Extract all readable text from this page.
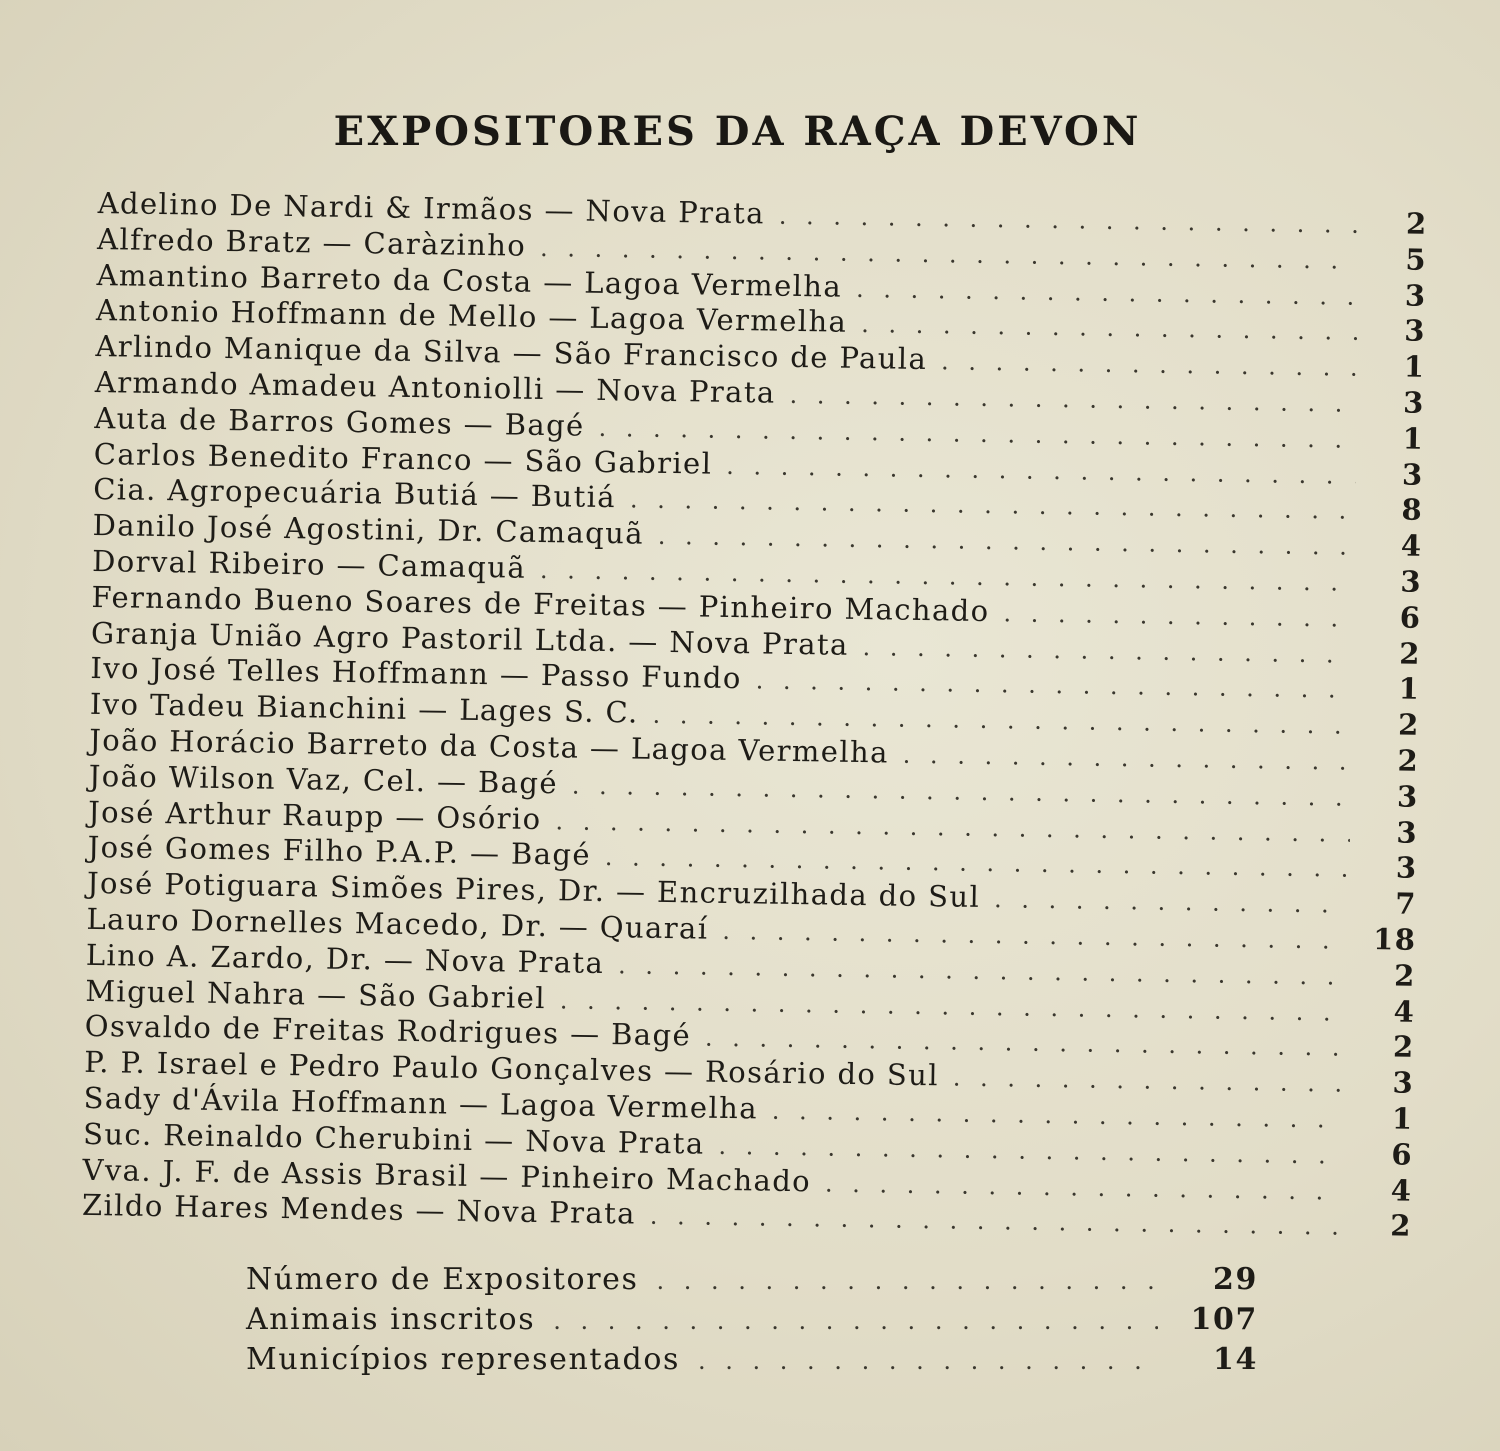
EXPOSITORES DA RAÇA DEVON
Adelino De Nardi & Irmãos — Nova Prata . . .	2
Alfredo Bratz — Caràzinho . . .	5
Amantino Barreto da Costa — Lagoa Vermelha . . .	3
Antonio Hoffmann de Mello — Lagoa Vermelha . . .	3
Arlindo Manique da Silva — São Francisco de Paula . . .	1
Armando Amadeu Antoniolli — Nova Prata . . .	3
Auta de Barros Gomes — Bagé . . .	1
Carlos Benedito Franco — São Gabriel . . .	3
Cia. Agropecuária Butiá — Butiá . . .	8
Danilo José Agostini, Dr. Camaquã . . .	4
Dorval Ribeiro — Camaquã . . .	3
Fernando Bueno Soares de Freitas — Pinheiro Machado . . .	6
Granja União Agro Pastoril Ltda. — Nova Prata . . .	2
Ivo José Telles Hoffmann — Passo Fundo . . .	1
Ivo Tadeu Bianchini — Lages S. C. . . .	2
João Horácio Barreto da Costa — Lagoa Vermelha . . .	2
João Wilson Vaz, Cel. — Bagé . . .	3
José Arthur Raupp — Osório . . .	3
José Gomes Filho P.A.P. — Bagé . . .	3
José Potiguara Simões Pires, Dr. — Encruzilhada do Sul . . .	7
Lauro Dornelles Macedo, Dr. — Quaraí . . .	18
Lino A. Zardo, Dr. — Nova Prata . . .	2
Miguel Nahra — São Gabriel . . .	4
Osvaldo de Freitas Rodrigues — Bagé . . .	2
P. P. Israel e Pedro Paulo Gonçalves — Rosário do Sul . . .	3
Sady d'Ávila Hoffmann — Lagoa Vermelha . . .	1
Suc. Reinaldo Cherubini — Nova Prata . . .	6
Vva. J. F. de Assis Brasil — Pinheiro Machado . . .	4
Zildo Hares Mendes — Nova Prata . . .	2
Número de Expositores . . .	29
Animais inscritos . . .	107
Municípios representados . . .	14
